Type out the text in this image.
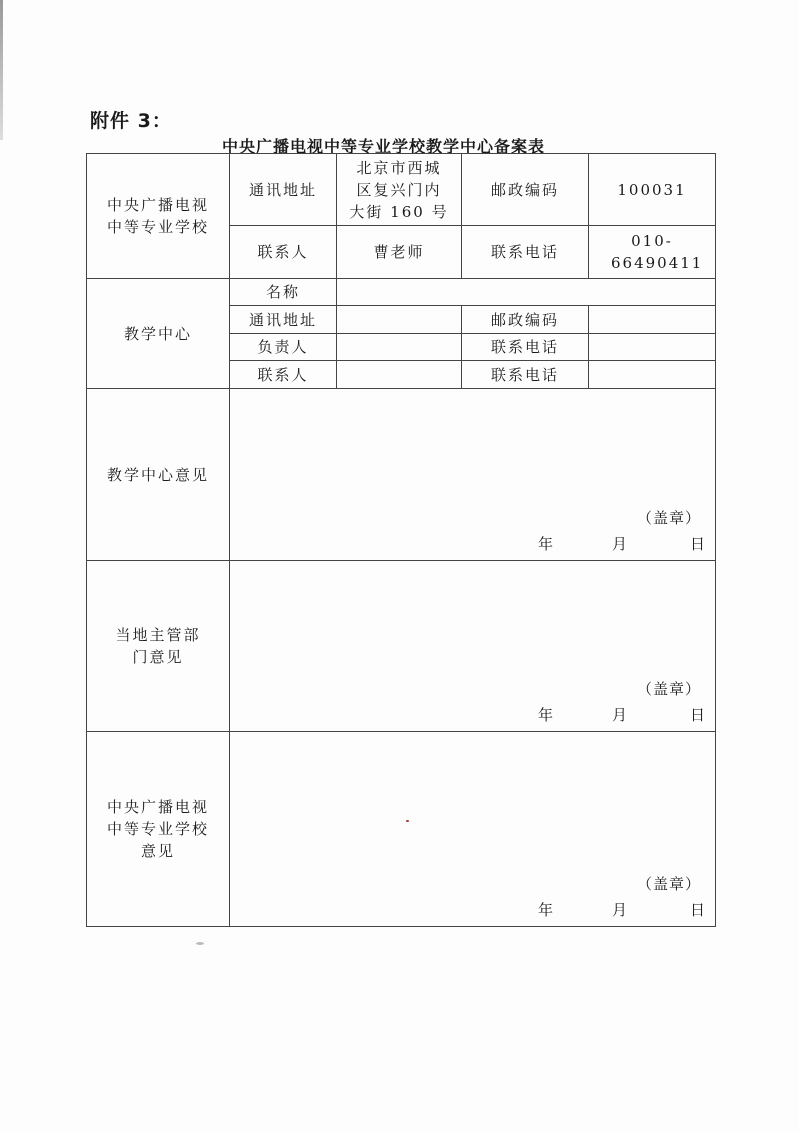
附件 3：
中央广播电视中等专业学校教学中心备案表
中央广播电视中等专业学校	通讯地址	北京市西城区复兴门内大街 160 号	邮政编码	100031
	联系人	曹老师	联系电话	010-66490411
教学中心	名称			
	通讯地址		邮政编码	
	负责人		联系电话	
	联系人		联系电话	
教学中心意见	（盖章）
年 月 日			

当地主管部门意见	（盖章）
年 月 日			

中央广播电视中等专业学校意见	（盖章）
年 月 日			
